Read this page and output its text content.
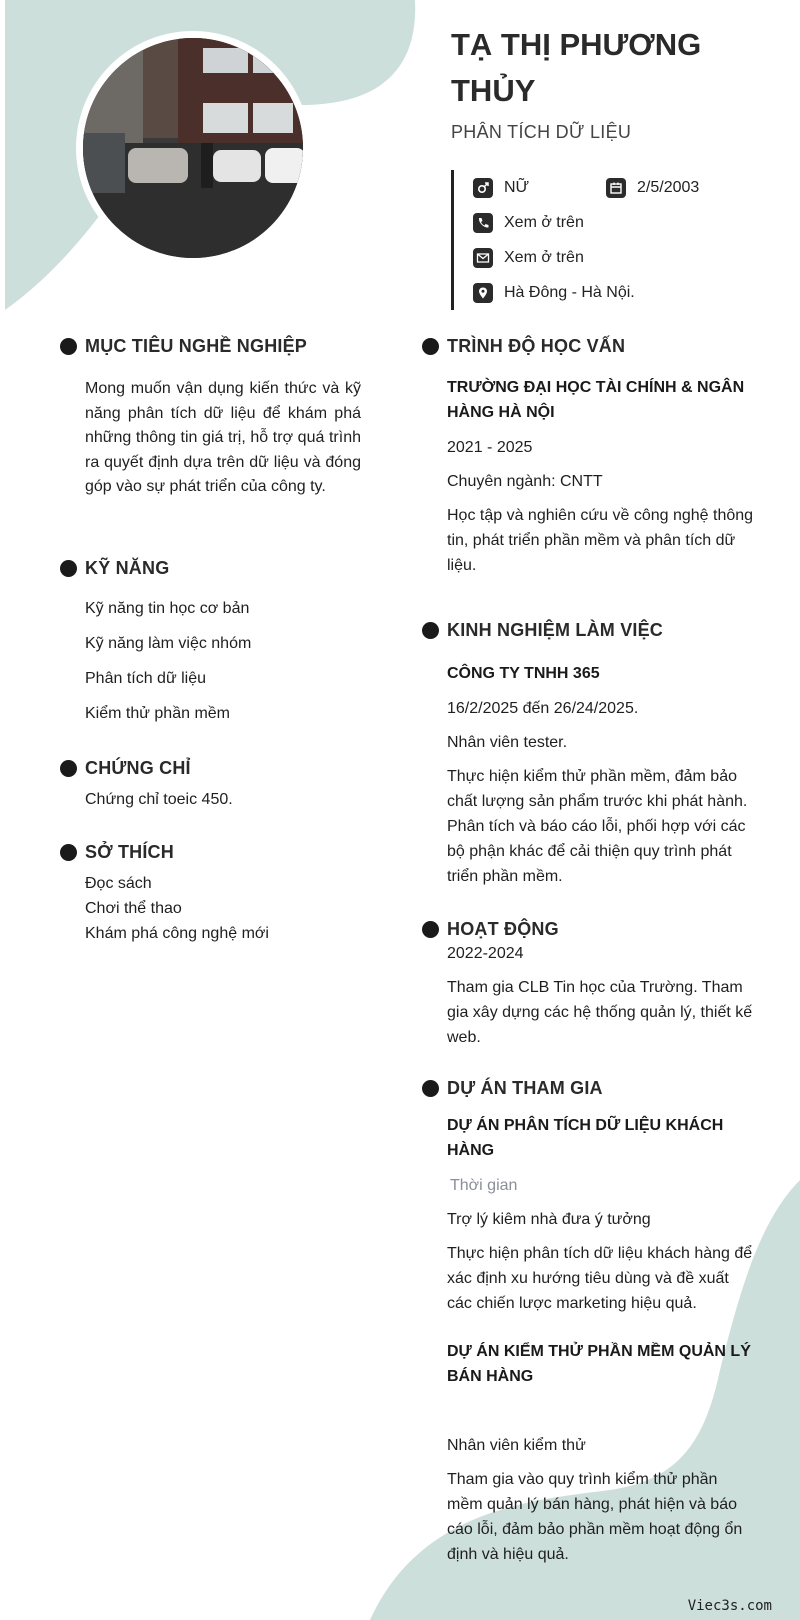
TẠ THỊ PHƯƠNG THỦY
PHÂN TÍCH DỮ LIỆU
NỮ	2/5/2003
Xem ở trên
Xem ở trên
Hà Đông - Hà Nội.
MỤC TIÊU NGHỀ NGHIỆP
Mong muốn vận dụng kiến thức và kỹ năng phân tích dữ liệu để khám phá những thông tin giá trị, hỗ trợ quá trình ra quyết định dựa trên dữ liệu và đóng góp vào sự phát triển của công ty.
KỸ NĂNG
Kỹ năng tin học cơ bản
Kỹ năng làm việc nhóm
Phân tích dữ liệu
Kiểm thử phần mềm
CHỨNG CHỈ
Chứng chỉ toeic 450.
SỞ THÍCH
Đọc sách
Chơi thể thao
Khám phá công nghệ mới
TRÌNH ĐỘ HỌC VẤN
TRƯỜNG ĐẠI HỌC TÀI CHÍNH & NGÂN HÀNG HÀ NỘI
2021 - 2025
Chuyên ngành: CNTT
Học tập và nghiên cứu về công nghệ thông tin, phát triển phần mềm và phân tích dữ liệu.
KINH NGHIỆM LÀM VIỆC
CÔNG TY TNHH 365
16/2/2025 đến 26/24/2025.
Nhân viên tester.
Thực hiện kiểm thử phần mềm, đảm bảo chất lượng sản phẩm trước khi phát hành. Phân tích và báo cáo lỗi, phối hợp với các bộ phận khác để cải thiện quy trình phát triển phần mềm.
HOẠT ĐỘNG
2022-2024
Tham gia CLB Tin học của Trường. Tham gia xây dựng các hệ thống quản lý, thiết kế web.
DỰ ÁN THAM GIA
DỰ ÁN PHÂN TÍCH DỮ LIỆU KHÁCH HÀNG
Thời gian
Trợ lý kiêm nhà đưa ý tưởng
Thực hiện phân tích dữ liệu khách hàng để xác định xu hướng tiêu dùng và đề xuất các chiến lược marketing hiệu quả.
DỰ ÁN KIỂM THỬ PHẦN MỀM QUẢN LÝ BÁN HÀNG
Nhân viên kiểm thử
Tham gia vào quy trình kiểm thử phần mềm quản lý bán hàng, phát hiện và báo cáo lỗi, đảm bảo phần mềm hoạt động ổn định và hiệu quả.
Viec3s.com
